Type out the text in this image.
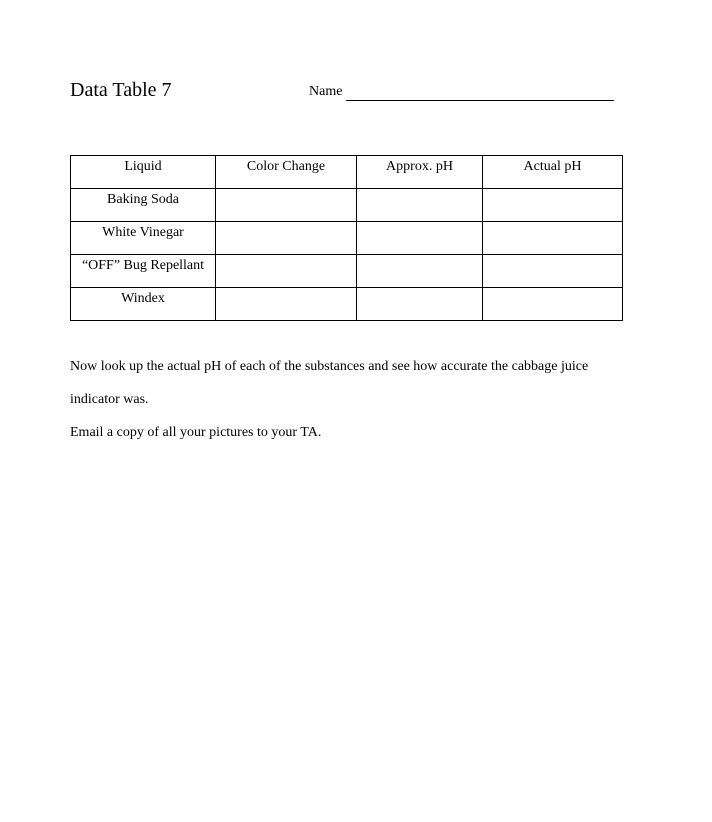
Data Table 7	Name
Liquid	Color Change	Approx. pH	Actual pH
Baking Soda			
White Vinegar			
“OFF” Bug Repellant			
Windex			
Now look up the actual pH of each of the substances and see how accurate the cabbage juice
indicator was.
Email a copy of all your pictures to your TA.
